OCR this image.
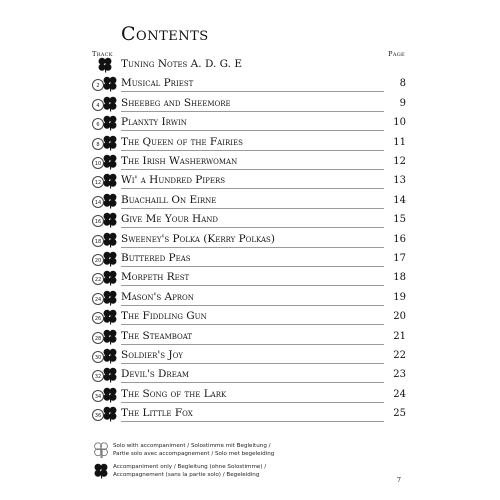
Contents
Track	Page
Tuning Notes A. D. G. E
2	Musical Priest	8
4	Sheebeg and Sheemore	9
6	Planxty Irwin	10
8	The Queen of the Fairies	11
10 The Irish Washerwoman	12
12 Wi' a Hundred Pipers	13
14 Buachaill On Eirne	14
16 Give Me Your Hand	15
18 Sweeney's Polka (Kerry Polkas)	16
20 Buttered Peas	17
22 Morpeth Rest	18
24 Mason's Apron	19
26 The Fiddling Gun	20
28 The Steamboat	21
30 Soldier's Joy	22
32 Devil's Dream	23
34 The Song of the Lark	24
36 The Little Fox	25
Solo with accompaniment / Solostimme mit Begleitung /
Partie solo avec accompagnement / Solo met begeleiding
Accompaniment only / Begleitung (ohne Solostimme) /
Accompagnement (sans la partie solo) / Begeleiding
7
